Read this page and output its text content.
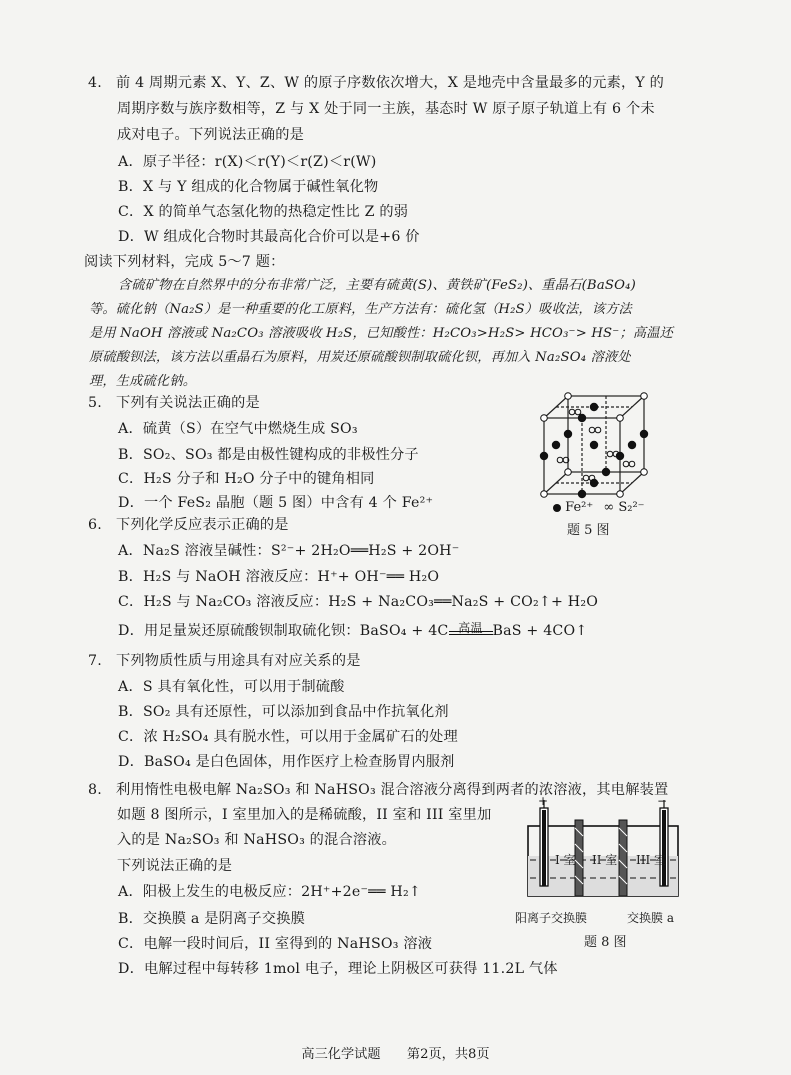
4. 前 4 周期元素 X、Y、Z、W 的原子序数依次增大，X 是地壳中含量最多的元素，Y 的
周期序数与族序数相等，Z 与 X 处于同一主族，基态时 W 原子原子轨道上有 6 个未
成对电子。下列说法正确的是
A．原子半径：r(X)＜r(Y)＜r(Z)＜r(W)
B．X 与 Y 组成的化合物属于碱性氧化物
C．X 的简单气态氢化物的热稳定性比 Z 的弱
D．W 组成化合物时其最高化合价可以是+6 价
阅读下列材料，完成 5～7 题：
含硫矿物在自然界中的分布非常广泛，主要有硫黄(S)、黄铁矿(FeS₂)、重晶石(BaSO₄)
等。硫化钠（Na₂S）是一种重要的化工原料，生产方法有：硫化氢（H₂S）吸收法，该方法
是用 NaOH 溶液或 Na₂CO₃ 溶液吸收 H₂S，已知酸性：H₂CO₃>H₂S> HCO₃⁻> HS⁻；高温还
原硫酸钡法，该方法以重晶石为原料，用炭还原硫酸钡制取硫化钡，再加入 Na₂SO₄ 溶液处
理，生成硫化钠。
5. 下列有关说法正确的是
A．硫黄（S）在空气中燃烧生成 SO₃
B．SO₂、SO₃ 都是由极性键构成的非极性分子
C．H₂S 分子和 H₂O 分子中的键角相同
D．一个 FeS₂ 晶胞（题 5 图）中含有 4 个 Fe²⁺	Fe²⁺ ∞ S₂²⁻
题 5 图
6. 下列化学反应表示正确的是
A．Na₂S 溶液呈碱性：S²⁻+ 2H₂O══H₂S + 2OH⁻
B．H₂S 与 NaOH 溶液反应：H⁺+ OH⁻══ H₂O
C．H₂S 与 Na₂CO₃ 溶液反应：H₂S + Na₂CO₃══Na₂S + CO₂↑+ H₂O
D．用足量炭还原硫酸钡制取硫化钡：BaSO₄ + 4C 高温 BaS + 4CO↑
7. 下列物质性质与用途具有对应关系的是
A．S 具有氧化性，可以用于制硫酸
B．SO₂ 具有还原性，可以添加到食品中作抗氧化剂
C．浓 H₂SO₄ 具有脱水性，可以用于金属矿石的处理
D．BaSO₄ 是白色固体，用作医疗上检查肠胃内服剂
8. 利用惰性电极电解 Na₂SO₃ 和 NaHSO₃ 混合溶液分离得到两者的浓溶液，其电解装置
如题 8 图所示，I 室里加入的是稀硫酸，II 室和 III 室里加
入的是 Na₂SO₃ 和 NaHSO₃ 的混合溶液。
下列说法正确的是
A．阳极上发生的电极反应：2H⁺+2e⁻══ H₂↑
B．交换膜 a 是阴离子交换膜
C．电解一段时间后，II 室得到的 NaHSO₃ 溶液
D．电解过程中每转移 1mol 电子，理论上阴极区可获得 11.2L 气体
+	−
I 室 II 室 III 室
阳离子交换膜	交换膜 a
题 8 图
高三化学试题　　第2页，共8页
